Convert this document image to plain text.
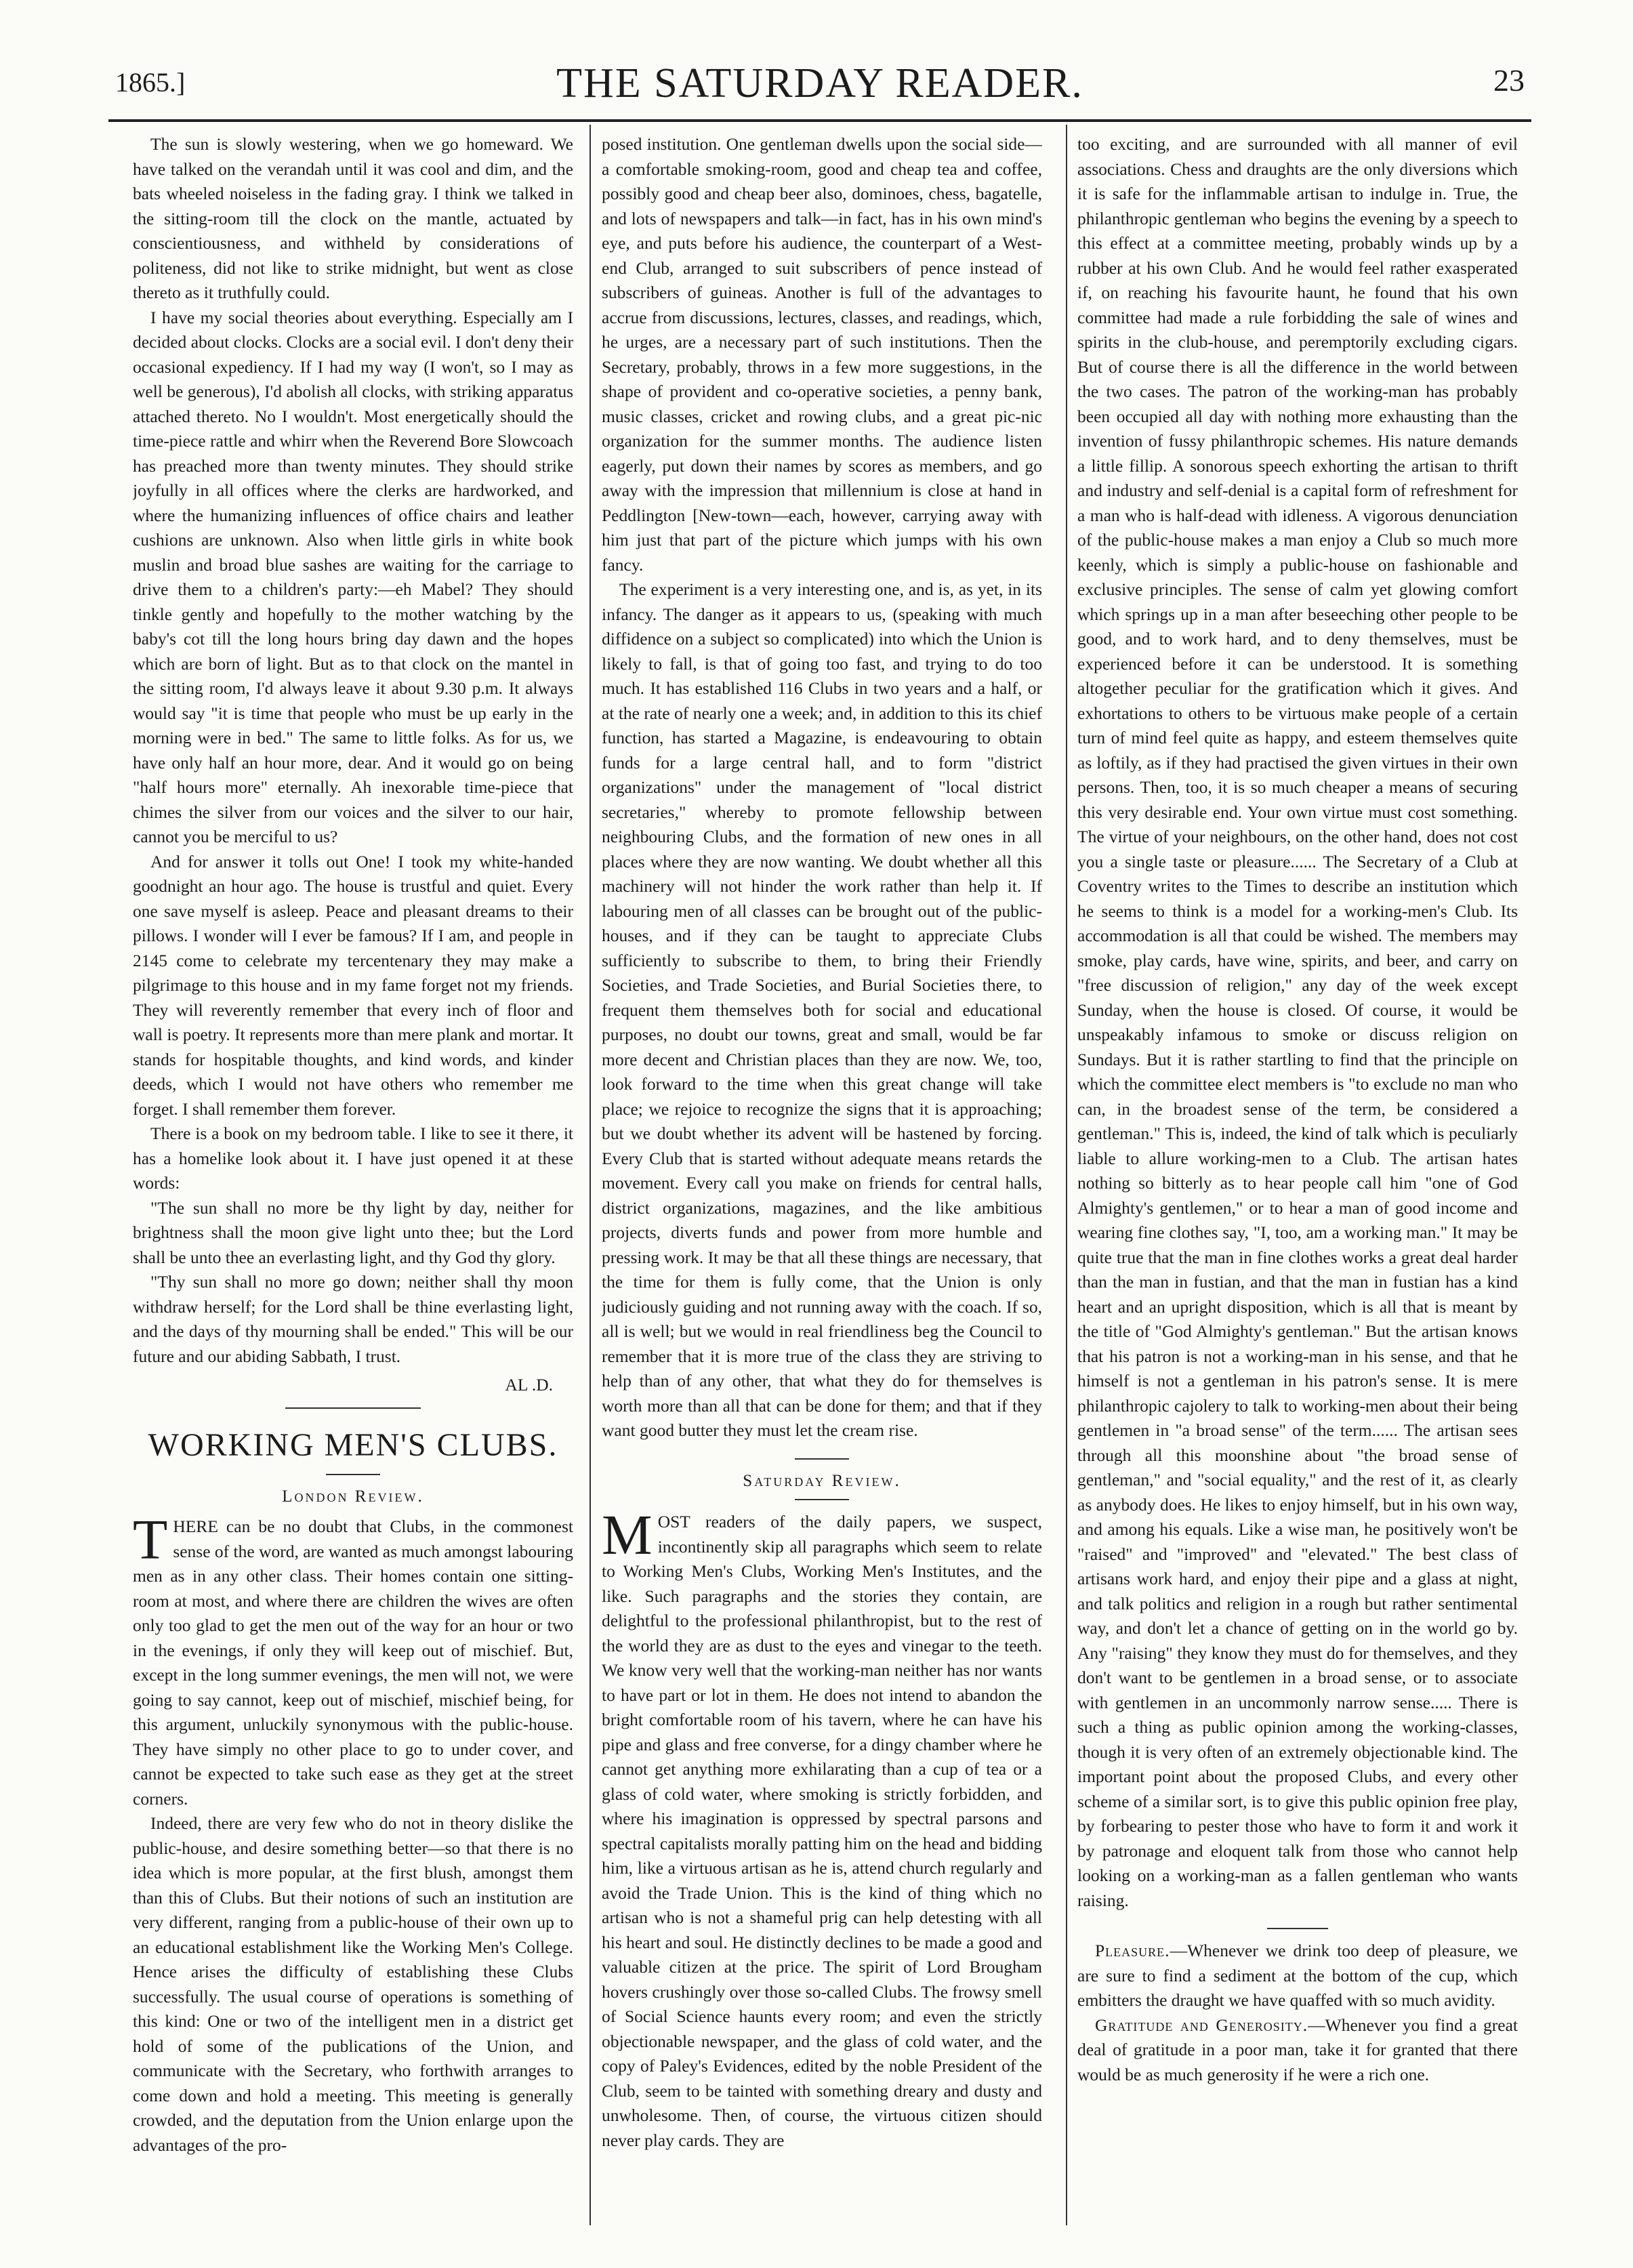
1865.]	THE SATURDAY READER.	23

The sun is slowly westering, when we go homeward. We have talked on the verandah until it was cool and dim, and the bats wheeled noiseless in the fading gray. I think we talked in the sitting-room till the clock on the mantle, actuated by conscientiousness, and withheld by considerations of politeness, did not like to strike midnight, but went as close thereto as it truthfully could.

I have my social theories about everything. Especially am I decided about clocks. Clocks are a social evil. I don't deny their occasional expediency. If I had my way (I won't, so I may as well be generous), I'd abolish all clocks, with striking apparatus attached thereto. No I wouldn't. Most energetically should the time-piece rattle and whirr when the Reverend Bore Slowcoach has preached more than twenty minutes. They should strike joyfully in all offices where the clerks are hardworked, and where the humanizing influences of office chairs and leather cushions are unknown. Also when little girls in white book muslin and broad blue sashes are waiting for the carriage to drive them to a children's party:—eh Mabel? They should tinkle gently and hopefully to the mother watching by the baby's cot till the long hours bring day dawn and the hopes which are born of light. But as to that clock on the mantel in the sitting room, I'd always leave it about 9.30 p.m. It always would say "it is time that people who must be up early in the morning were in bed." The same to little folks. As for us, we have only half an hour more, dear. And it would go on being "half hours more" eternally. Ah inexorable time-piece that chimes the silver from our voices and the silver to our hair, cannot you be merciful to us?

And for answer it tolls out One! I took my white-handed goodnight an hour ago. The house is trustful and quiet. Every one save myself is asleep. Peace and pleasant dreams to their pillows. I wonder will I ever be famous? If I am, and people in 2145 come to celebrate my tercentenary they may make a pilgrimage to this house and in my fame forget not my friends. They will reverently remember that every inch of floor and wall is poetry. It represents more than mere plank and mortar. It stands for hospitable thoughts, and kind words, and kinder deeds, which I would not have others who remember me forget. I shall remember them forever.

There is a book on my bedroom table. I like to see it there, it has a homelike look about it. I have just opened it at these words:

"The sun shall no more be thy light by day, neither for brightness shall the moon give light unto thee; but the Lord shall be unto thee an everlasting light, and thy God thy glory.

"Thy sun shall no more go down; neither shall thy moon withdraw herself; for the Lord shall be thine everlasting light, and the days of thy mourning shall be ended." This will be our future and our abiding Sabbath, I trust.

AL .D.
WORKING MEN'S CLUBS.
London Review.

THERE can be no doubt that Clubs, in the commonest sense of the word, are wanted as much amongst labouring men as in any other class. Their homes contain one sitting-room at most, and where there are children the wives are often only too glad to get the men out of the way for an hour or two in the evenings, if only they will keep out of mischief. But, except in the long summer evenings, the men will not, we were going to say cannot, keep out of mischief, mischief being, for this argument, unluckily synonymous with the public-house. They have simply no other place to go to under cover, and cannot be expected to take such ease as they get at the street corners.

Indeed, there are very few who do not in theory dislike the public-house, and desire something better—so that there is no idea which is more popular, at the first blush, amongst them than this of Clubs. But their notions of such an institution are very different, ranging from a public-house of their own up to an educational establishment like the Working Men's College. Hence arises the difficulty of establishing these Clubs successfully. The usual course of operations is something of this kind: One or two of the intelligent men in a district get hold of some of the publications of the Union, and communicate with the Secretary, who forthwith arranges to come down and hold a meeting. This meeting is generally crowded, and the deputation from the Union enlarge upon the advantages of the pro-

posed institution. One gentleman dwells upon the social side—a comfortable smoking-room, good and cheap tea and coffee, possibly good and cheap beer also, dominoes, chess, bagatelle, and lots of newspapers and talk—in fact, has in his own mind's eye, and puts before his audience, the counterpart of a West-end Club, arranged to suit subscribers of pence instead of subscribers of guineas. Another is full of the advantages to accrue from discussions, lectures, classes, and readings, which, he urges, are a necessary part of such institutions. Then the Secretary, probably, throws in a few more suggestions, in the shape of provident and co-operative societies, a penny bank, music classes, cricket and rowing clubs, and a great pic-nic organization for the summer months. The audience listen eagerly, put down their names by scores as members, and go away with the impression that millennium is close at hand in Peddlington [New-town—each, however, carrying away with him just that part of the picture which jumps with his own fancy.

The experiment is a very interesting one, and is, as yet, in its infancy. The danger as it appears to us, (speaking with much diffidence on a subject so complicated) into which the Union is likely to fall, is that of going too fast, and trying to do too much. It has established 116 Clubs in two years and a half, or at the rate of nearly one a week; and, in addition to this its chief function, has started a Magazine, is endeavouring to obtain funds for a large central hall, and to form "district organizations" under the management of "local district secretaries," whereby to promote fellowship between neighbouring Clubs, and the formation of new ones in all places where they are now wanting. We doubt whether all this machinery will not hinder the work rather than help it. If labouring men of all classes can be brought out of the public-houses, and if they can be taught to appreciate Clubs sufficiently to subscribe to them, to bring their Friendly Societies, and Trade Societies, and Burial Societies there, to frequent them themselves both for social and educational purposes, no doubt our towns, great and small, would be far more decent and Christian places than they are now. We, too, look forward to the time when this great change will take place; we rejoice to recognize the signs that it is approaching; but we doubt whether its advent will be hastened by forcing. Every Club that is started without adequate means retards the movement. Every call you make on friends for central halls, district organizations, magazines, and the like ambitious projects, diverts funds and power from more humble and pressing work. It may be that all these things are necessary, that the time for them is fully come, that the Union is only judiciously guiding and not running away with the coach. If so, all is well; but we would in real friendliness beg the Council to remember that it is more true of the class they are striving to help than of any other, that what they do for themselves is worth more than all that can be done for them; and that if they want good butter they must let the cream rise.

Saturday Review.

MOST readers of the daily papers, we suspect, incontinently skip all paragraphs which seem to relate to Working Men's Clubs, Working Men's Institutes, and the like. Such paragraphs and the stories they contain, are delightful to the professional philanthropist, but to the rest of the world they are as dust to the eyes and vinegar to the teeth. We know very well that the working-man neither has nor wants to have part or lot in them. He does not intend to abandon the bright comfortable room of his tavern, where he can have his pipe and glass and free converse, for a dingy chamber where he cannot get anything more exhilarating than a cup of tea or a glass of cold water, where smoking is strictly forbidden, and where his imagination is oppressed by spectral parsons and spectral capitalists morally patting him on the head and bidding him, like a virtuous artisan as he is, attend church regularly and avoid the Trade Union. This is the kind of thing which no artisan who is not a shameful prig can help detesting with all his heart and soul. He distinctly declines to be made a good and valuable citizen at the price. The spirit of Lord Brougham hovers crushingly over those so-called Clubs. The frowsy smell of Social Science haunts every room; and even the strictly objectionable newspaper, and the glass of cold water, and the copy of Paley's Evidences, edited by the noble President of the Club, seem to be tainted with something dreary and dusty and unwholesome. Then, of course, the virtuous citizen should never play cards. They are

too exciting, and are surrounded with all manner of evil associations. Chess and draughts are the only diversions which it is safe for the inflammable artisan to indulge in. True, the philanthropic gentleman who begins the evening by a speech to this effect at a committee meeting, probably winds up by a rubber at his own Club. And he would feel rather exasperated if, on reaching his favourite haunt, he found that his own committee had made a rule forbidding the sale of wines and spirits in the club-house, and peremptorily excluding cigars. But of course there is all the difference in the world between the two cases. The patron of the working-man has probably been occupied all day with nothing more exhausting than the invention of fussy philanthropic schemes. His nature demands a little fillip. A sonorous speech exhorting the artisan to thrift and industry and self-denial is a capital form of refreshment for a man who is half-dead with idleness. A vigorous denunciation of the public-house makes a man enjoy a Club so much more keenly, which is simply a public-house on fashionable and exclusive principles. The sense of calm yet glowing comfort which springs up in a man after beseeching other people to be good, and to work hard, and to deny themselves, must be experienced before it can be understood. It is something altogether peculiar for the gratification which it gives. And exhortations to others to be virtuous make people of a certain turn of mind feel quite as happy, and esteem themselves quite as loftily, as if they had practised the given virtues in their own persons. Then, too, it is so much cheaper a means of securing this very desirable end. Your own virtue must cost something. The virtue of your neighbours, on the other hand, does not cost you a single taste or pleasure...... The Secretary of a Club at Coventry writes to the Times to describe an institution which he seems to think is a model for a working-men's Club. Its accommodation is all that could be wished. The members may smoke, play cards, have wine, spirits, and beer, and carry on "free discussion of religion," any day of the week except Sunday, when the house is closed. Of course, it would be unspeakably infamous to smoke or discuss religion on Sundays. But it is rather startling to find that the principle on which the committee elect members is "to exclude no man who can, in the broadest sense of the term, be considered a gentleman." This is, indeed, the kind of talk which is peculiarly liable to allure working-men to a Club. The artisan hates nothing so bitterly as to hear people call him "one of God Almighty's gentlemen," or to hear a man of good income and wearing fine clothes say, "I, too, am a working man." It may be quite true that the man in fine clothes works a great deal harder than the man in fustian, and that the man in fustian has a kind heart and an upright disposition, which is all that is meant by the title of "God Almighty's gentleman." But the artisan knows that his patron is not a working-man in his sense, and that he himself is not a gentleman in his patron's sense. It is mere philanthropic cajolery to talk to working-men about their being gentlemen in "a broad sense" of the term...... The artisan sees through all this moonshine about "the broad sense of gentleman," and "social equality," and the rest of it, as clearly as anybody does. He likes to enjoy himself, but in his own way, and among his equals. Like a wise man, he positively won't be "raised" and "improved" and "elevated." The best class of artisans work hard, and enjoy their pipe and a glass at night, and talk politics and religion in a rough but rather sentimental way, and don't let a chance of getting on in the world go by. Any "raising" they know they must do for themselves, and they don't want to be gentlemen in a broad sense, or to associate with gentlemen in an uncommonly narrow sense..... There is such a thing as public opinion among the working-classes, though it is very often of an extremely objectionable kind. The important point about the proposed Clubs, and every other scheme of a similar sort, is to give this public opinion free play, by forbearing to pester those who have to form it and work it by patronage and eloquent talk from those who cannot help looking on a working-man as a fallen gentleman who wants raising.

Pleasure.—Whenever we drink too deep of pleasure, we are sure to find a sediment at the bottom of the cup, which embitters the draught we have quaffed with so much avidity.

Gratitude and Generosity.—Whenever you find a great deal of gratitude in a poor man, take it for granted that there would be as much generosity if he were a rich one.
